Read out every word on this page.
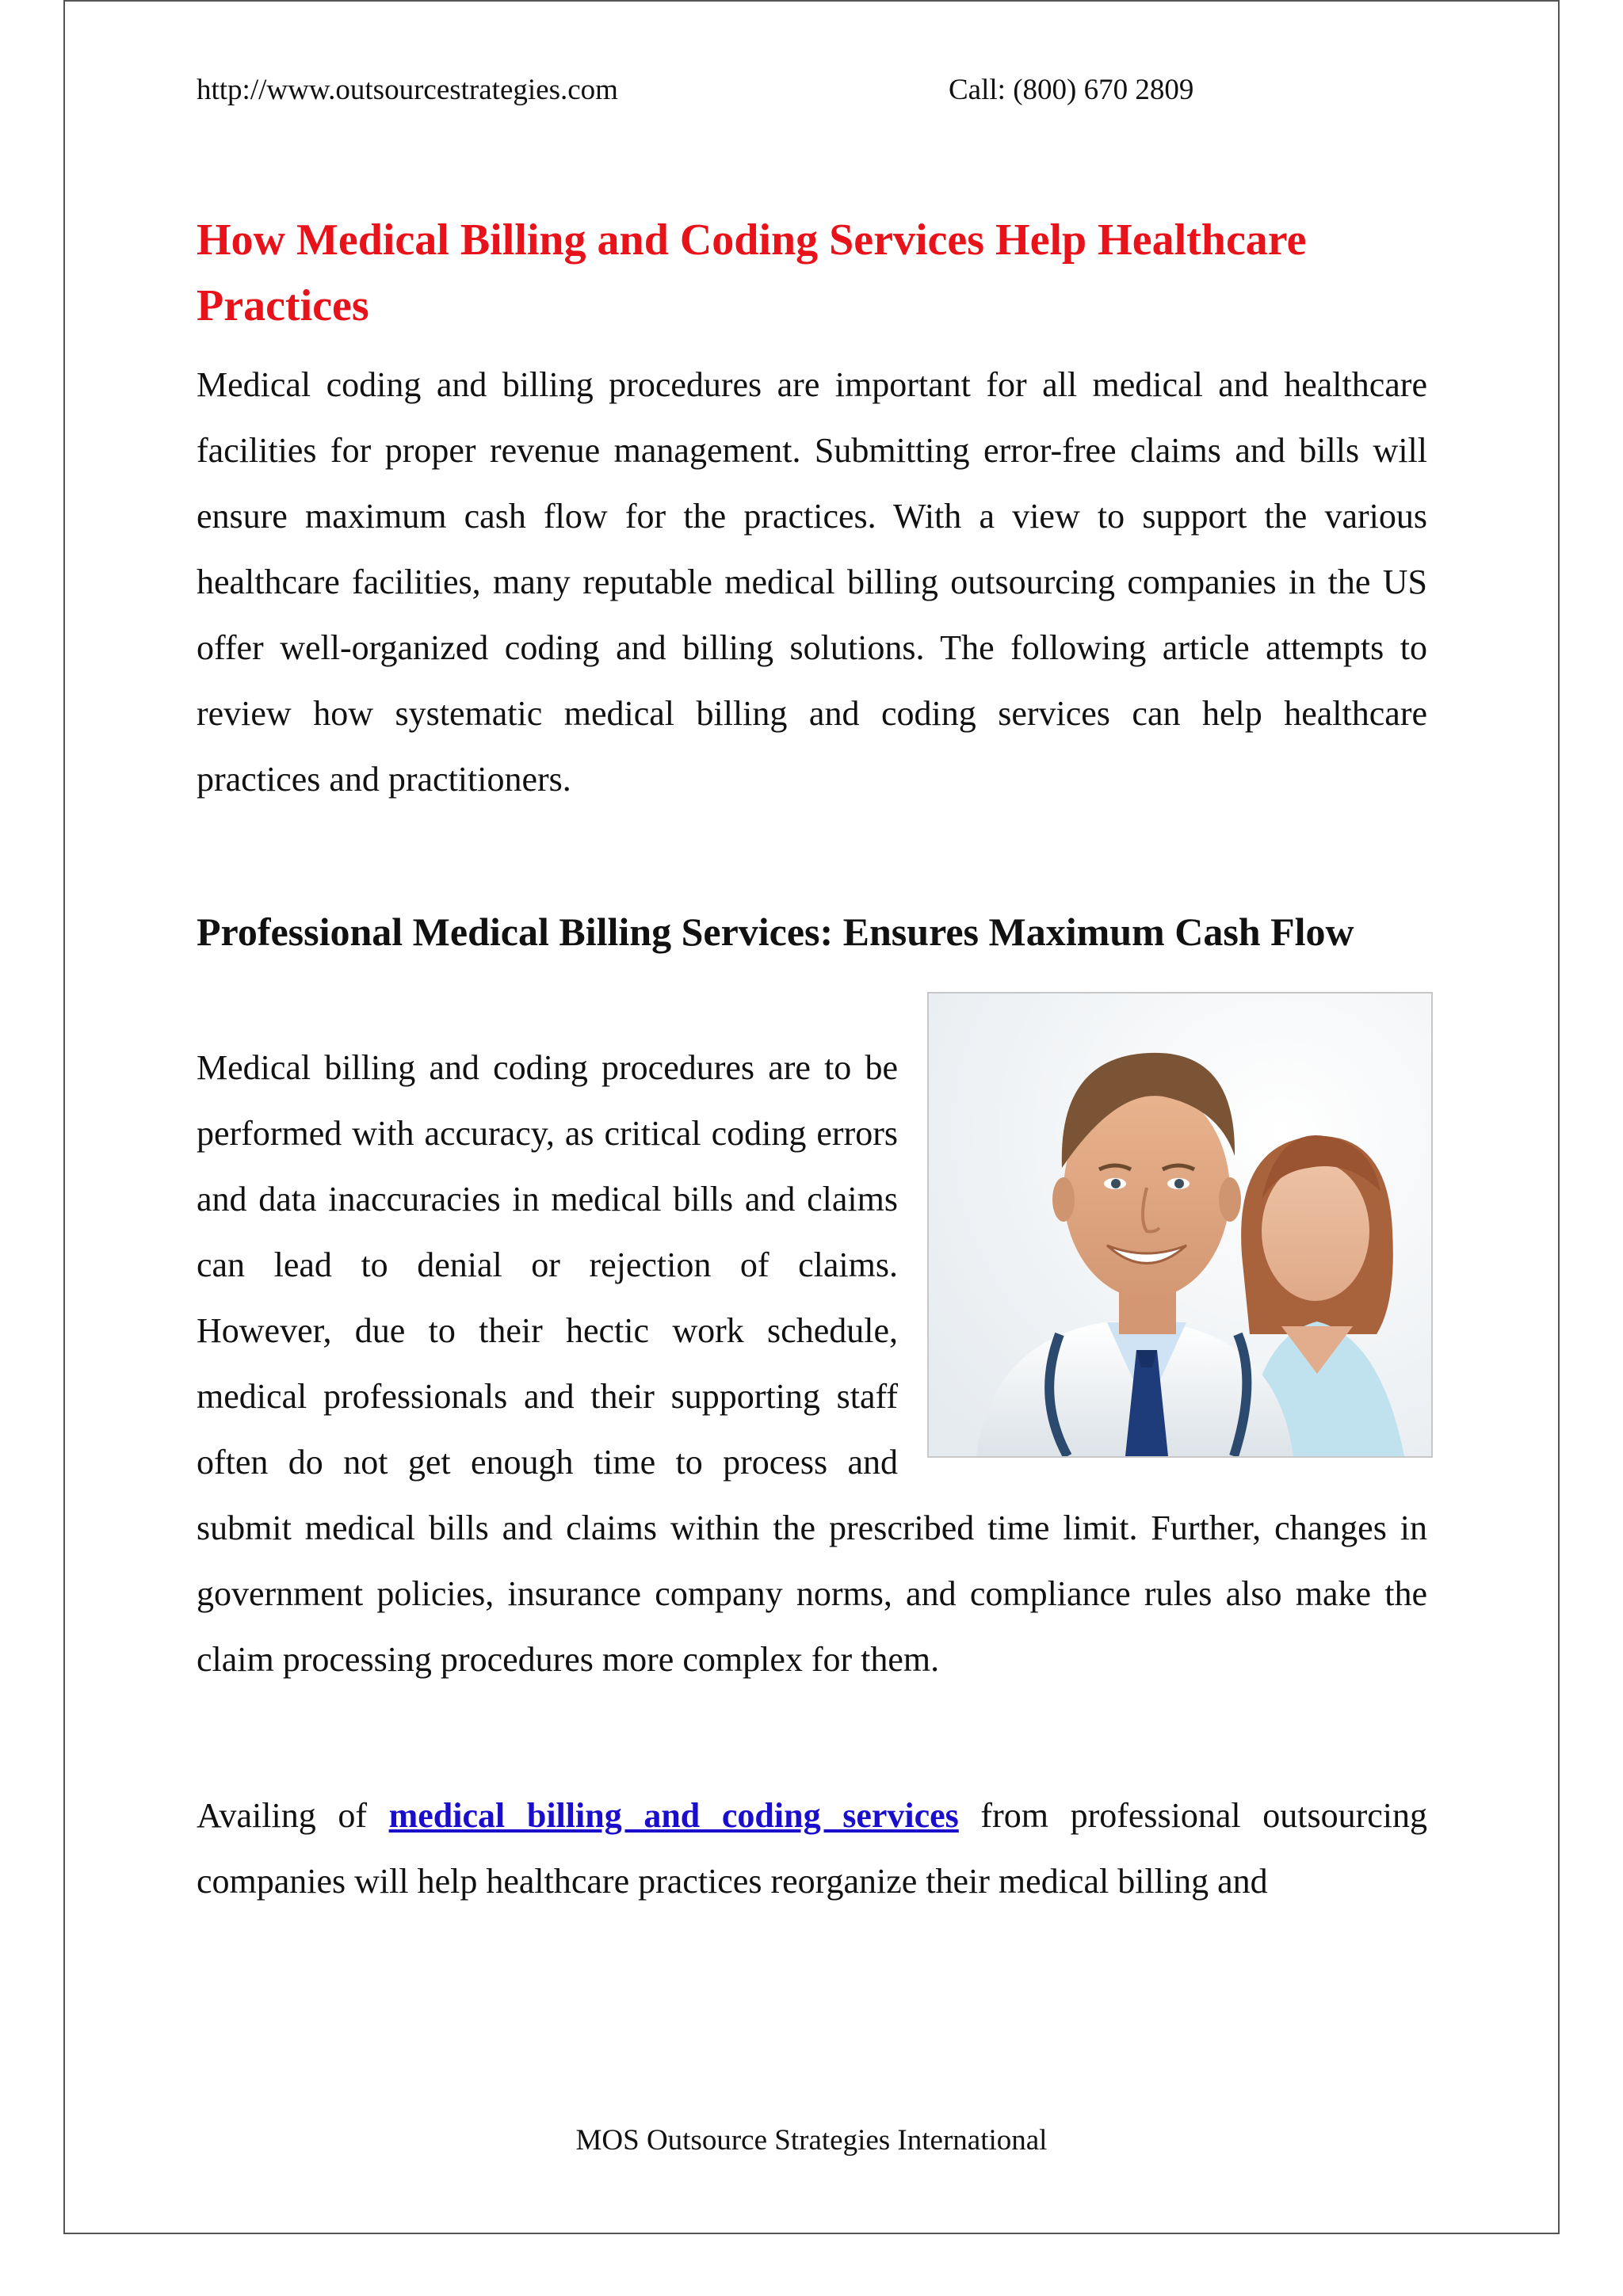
http://www.outsourcestrategies.com	Call: (800) 670 2809
How Medical Billing and Coding Services Help Healthcare Practices

Medical coding and billing procedures are important for all medical and healthcare facilities for proper revenue management. Submitting error-free claims and bills will ensure maximum cash flow for the practices. With a view to support the various healthcare facilities, many reputable medical billing outsourcing companies in the US offer well-organized coding and billing solutions. The following article attempts to review how systematic medical billing and coding services can help healthcare practices and practitioners.

Professional Medical Billing Services: Ensures Maximum Cash Flow

Medical billing and coding procedures are to be performed with accuracy, as critical coding errors and data inaccuracies in medical bills and claims can lead to denial or rejection of claims. However, due to their hectic work schedule, medical professionals and their supporting staff often do not get enough time to process and submit medical bills and claims within the prescribed time limit. Further, changes in government policies, insurance company norms, and compliance rules also make the claim processing procedures more complex for them.

Availing of medical billing and coding services from professional outsourcing companies will help healthcare practices reorganize their medical billing and

MOS Outsource Strategies International
